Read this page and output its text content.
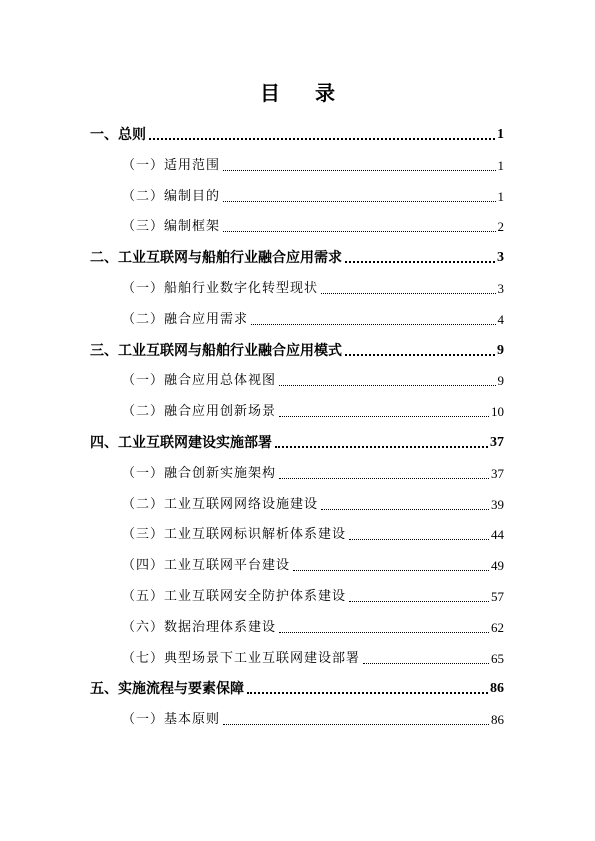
目 录
一、总则	1
（一）适用范围	1
（二）编制目的	1
（三）编制框架	2
二、工业互联网与船舶行业融合应用需求	3
（一）船舶行业数字化转型现状	3
（二）融合应用需求	4
三、工业互联网与船舶行业融合应用模式	9
（一）融合应用总体视图	9
（二）融合应用创新场景	10
四、工业互联网建设实施部署	37
（一）融合创新实施架构	37
（二）工业互联网网络设施建设	39
（三）工业互联网标识解析体系建设	44
（四）工业互联网平台建设	49
（五）工业互联网安全防护体系建设	57
（六）数据治理体系建设	62
（七）典型场景下工业互联网建设部署	65
五、实施流程与要素保障	86
（一）基本原则	86
